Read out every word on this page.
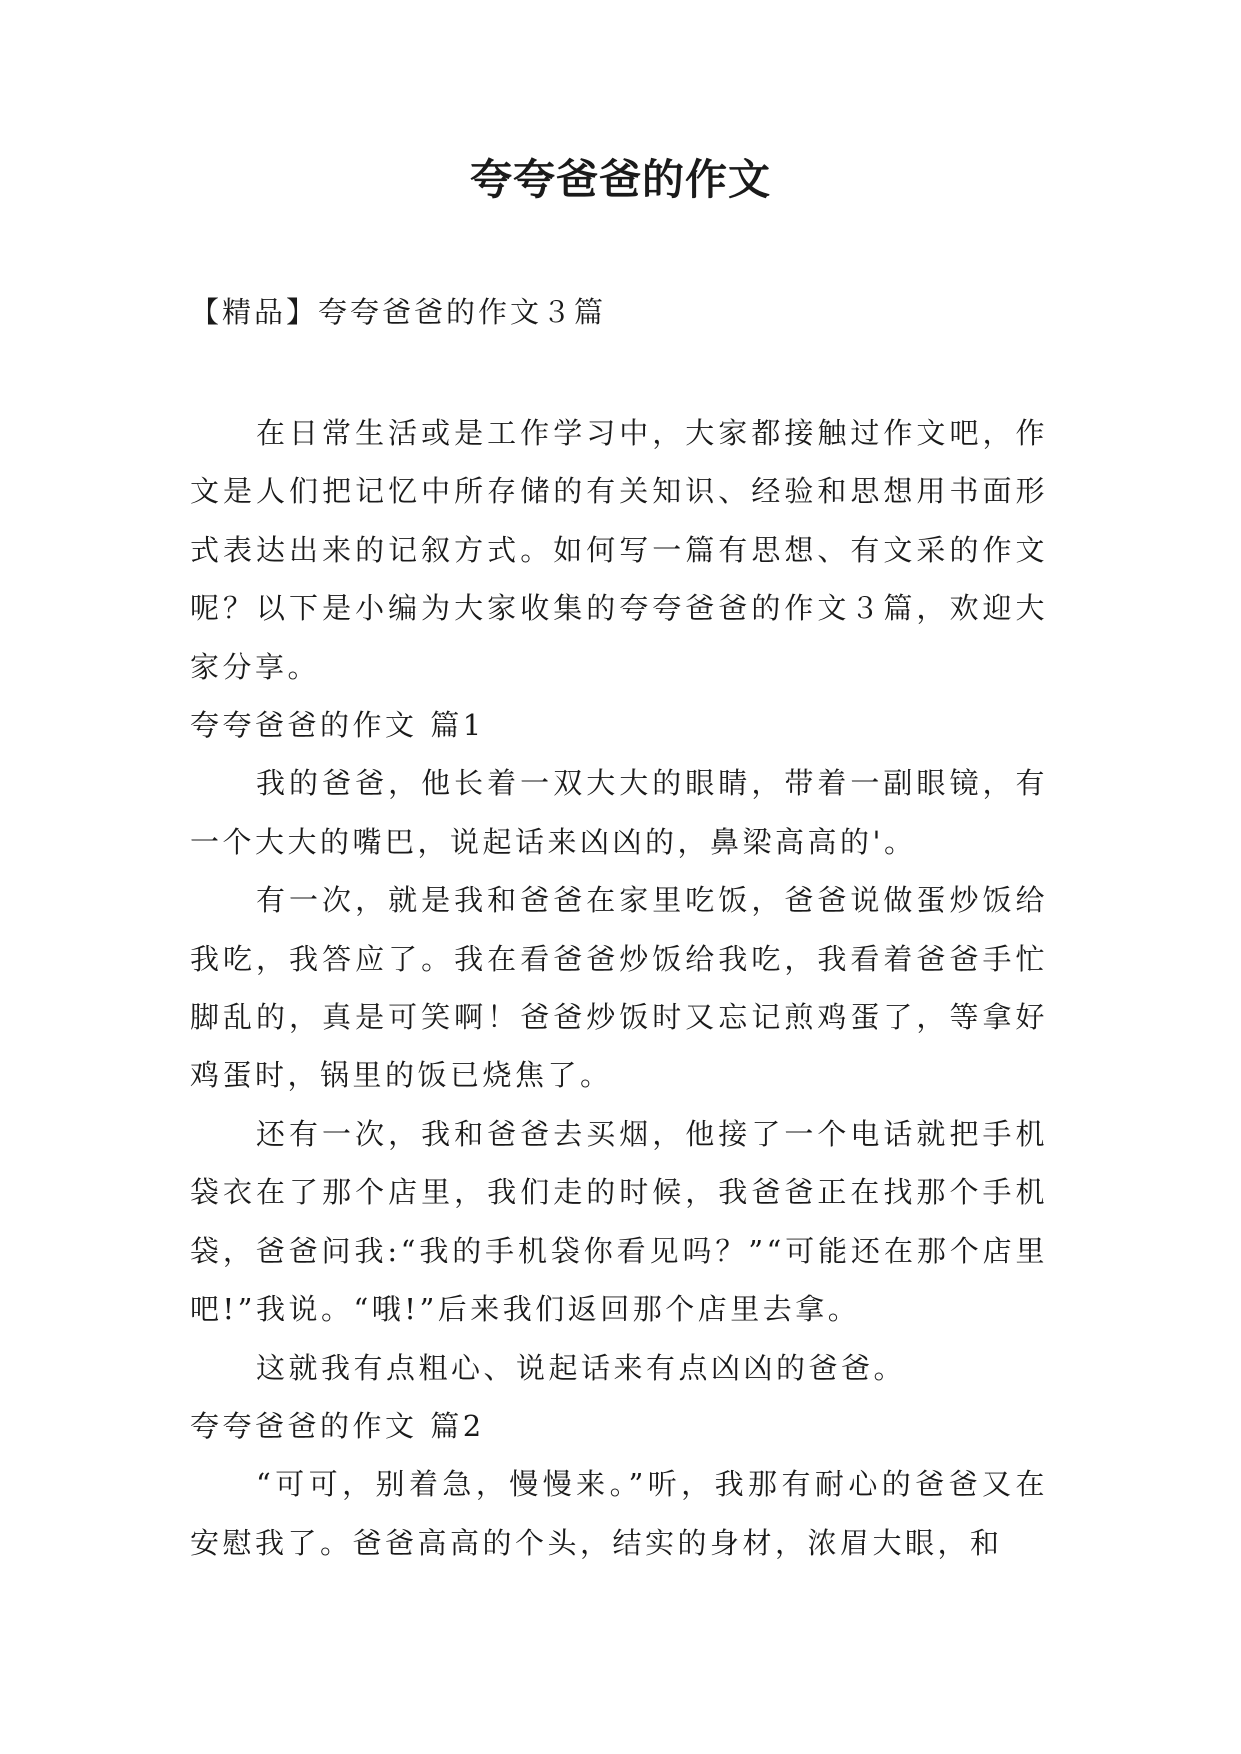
夸夸爸爸的作文

【精品】夸夸爸爸的作文３篇

在日常生活或是工作学习中，大家都接触过作文吧，作文是人们把记忆中所存储的有关知识、经验和思想用书面形式表达出来的记叙方式。如何写一篇有思想、有文采的作文呢？以下是小编为大家收集的夸夸爸爸的作文３篇，欢迎大家分享。

夸夸爸爸的作文 篇1

我的爸爸，他长着一双大大的眼睛，带着一副眼镜，有一个大大的嘴巴，说起话来凶凶的，鼻梁高高的'。

有一次，就是我和爸爸在家里吃饭，爸爸说做蛋炒饭给我吃，我答应了。我在看爸爸炒饭给我吃，我看着爸爸手忙脚乱的，真是可笑啊！爸爸炒饭时又忘记煎鸡蛋了，等拿好鸡蛋时，锅里的饭已烧焦了。

还有一次，我和爸爸去买烟，他接了一个电话就把手机袋衣在了那个店里，我们走的时候，我爸爸正在找那个手机袋，爸爸问我:“我的手机袋你看见吗？”“可能还在那个店里吧!”我说。“哦!”后来我们返回那个店里去拿。

这就我有点粗心、说起话来有点凶凶的爸爸。

夸夸爸爸的作文 篇2

“可可，别着急，慢慢来。”听，我那有耐心的爸爸又在安慰我了。爸爸高高的个头，结实的身材，浓眉大眼，和
